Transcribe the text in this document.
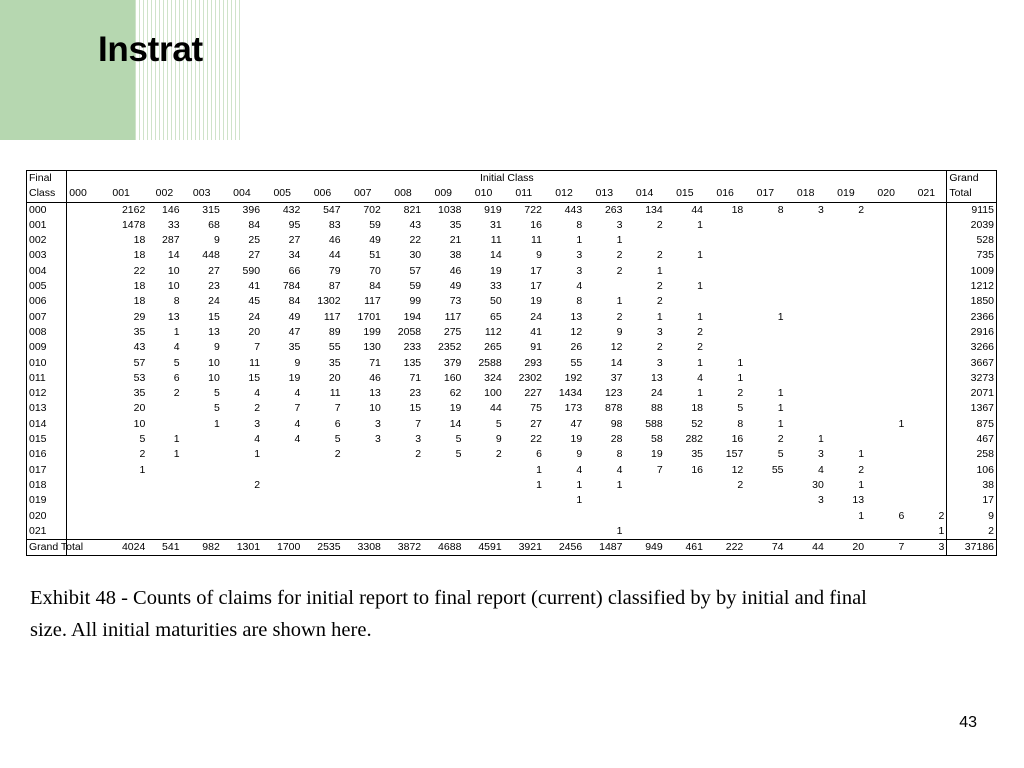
Instrat
Final	Initial Class																						Grand
Class	000	001	002	003	004	005	006	007	008	009	010	011	012	013	014	015	016	017	018	019	020	021	Total
000		2162	146	315	396	432	547	702	821	1038	919	722	443	263	134	44	18	8	3	2			9115
001		1478	33	68	84	95	83	59	43	35	31	16	8	3	2	1							2039
002		18	287	9	25	27	46	49	22	21	11	11	1	1									528
003		18	14	448	27	34	44	51	30	38	14	9	3	2	2	1							735
004		22	10	27	590	66	79	70	57	46	19	17	3	2	1								1009
005		18	10	23	41	784	87	84	59	49	33	17	4		2	1							1212
006		18	8	24	45	84	1302	117	99	73	50	19	8	1	2								1850
007		29	13	15	24	49	117	1701	194	117	65	24	13	2	1	1		1					2366
008		35	1	13	20	47	89	199	2058	275	112	41	12	9	3	2							2916
009		43	4	9	7	35	55	130	233	2352	265	91	26	12	2	2							3266
010		57	5	10	11	9	35	71	135	379	2588	293	55	14	3	1	1						3667
011		53	6	10	15	19	20	46	71	160	324	2302	192	37	13	4	1						3273
012		35	2	5	4	4	11	13	23	62	100	227	1434	123	24	1	2	1					2071
013		20		5	2	7	7	10	15	19	44	75	173	878	88	18	5	1					1367
014		10		1	3	4	6	3	7	14	5	27	47	98	588	52	8	1			1		875
015		5	1		4	4	5	3	3	5	9	22	19	28	58	282	16	2	1				467
016		2	1		1		2		2	5	2	6	9	8	19	35	157	5	3	1			258
017		1										1	4	4	7	16	12	55	4	2			106
018					2							1	1	1			2		30	1			38
019													1						3	13			17
020																				1	6	2	9
021														1								1	2
Grand Total		4024	541	982	1301	1700	2535	3308	3872	4688	4591	3921	2456	1487	949	461	222	74	44	20	7	3	37186

Exhibit 48 - Counts of claims for initial report to final report (current) classified by by initial and final size. All initial maturities are shown here.

43
